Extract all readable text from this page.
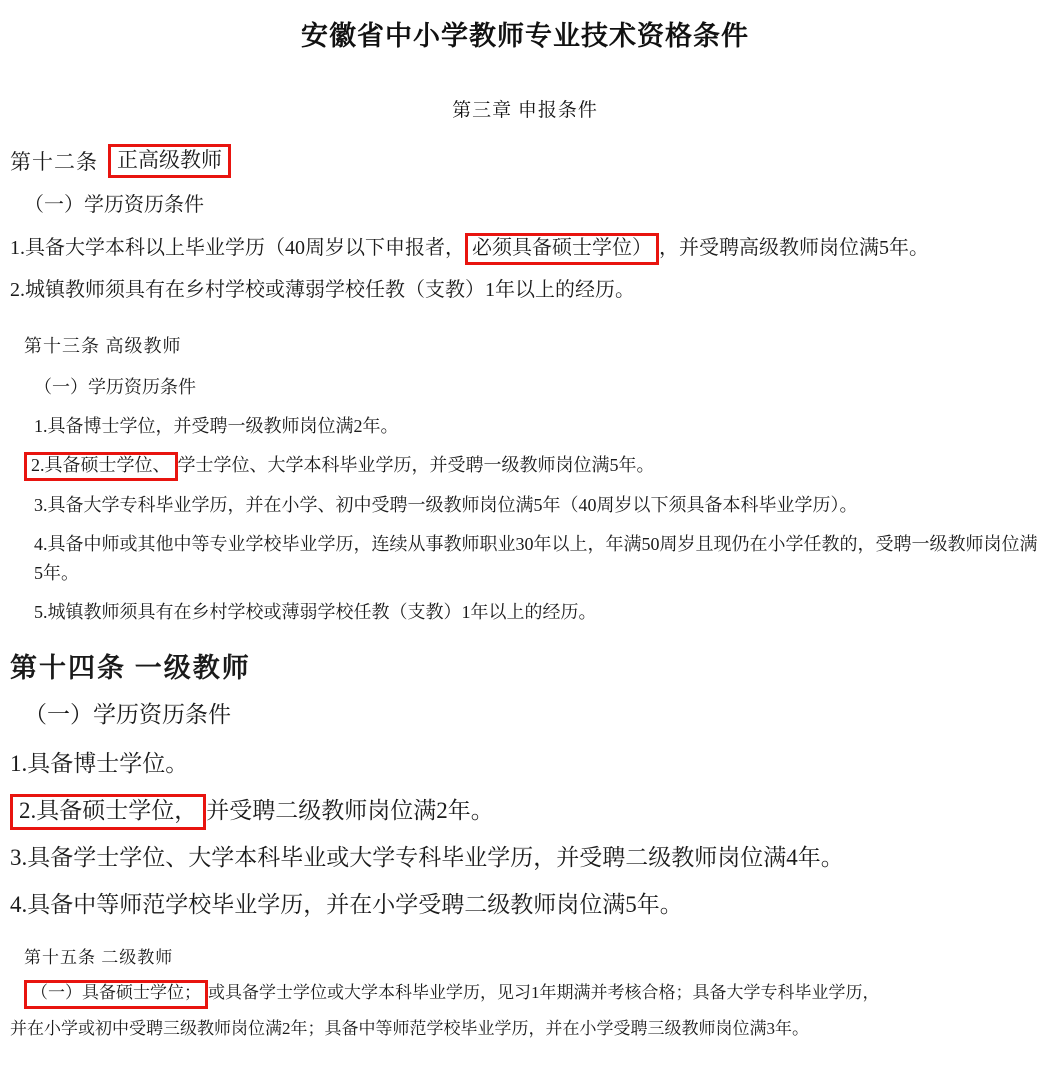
安徽省中小学教师专业技术资格条件
第三章 申报条件
第十二条 正高级教师
（一）学历资历条件
1.具备大学本科以上毕业学历（40周岁以下申报者， 必须具备硕士学位） ，并受聘高级教师岗位满5年。
2.城镇教师须具有在乡村学校或薄弱学校任教（支教）1年以上的经历。
第十三条 高级教师
（一）学历资历条件
1.具备博士学位，并受聘一级教师岗位满2年。
2.具备硕士学位、 学士学位、大学本科毕业学历，并受聘一级教师岗位满5年。
3.具备大学专科毕业学历，并在小学、初中受聘一级教师岗位满5年（40周岁以下须具备本科毕业学历）。
4.具备中师或其他中等专业学校毕业学历，连续从事教师职业30年以上，年满50周岁且现仍在小学任教的，受聘一级教师岗位满5年。
5.城镇教师须具有在乡村学校或薄弱学校任教（支教）1年以上的经历。
第十四条 一级教师
（一）学历资历条件
1.具备博士学位。
2.具备硕士学位， 并受聘二级教师岗位满2年。
3.具备学士学位、大学本科毕业或大学专科毕业学历，并受聘二级教师岗位满4年。
4.具备中等师范学校毕业学历，并在小学受聘二级教师岗位满5年。
第十五条 二级教师
（一）具备硕士学位； 或具备学士学位或大学本科毕业学历，见习1年期满并考核合格；具备大学专科毕业学历，
并在小学或初中受聘三级教师岗位满2年；具备中等师范学校毕业学历，并在小学受聘三级教师岗位满3年。
